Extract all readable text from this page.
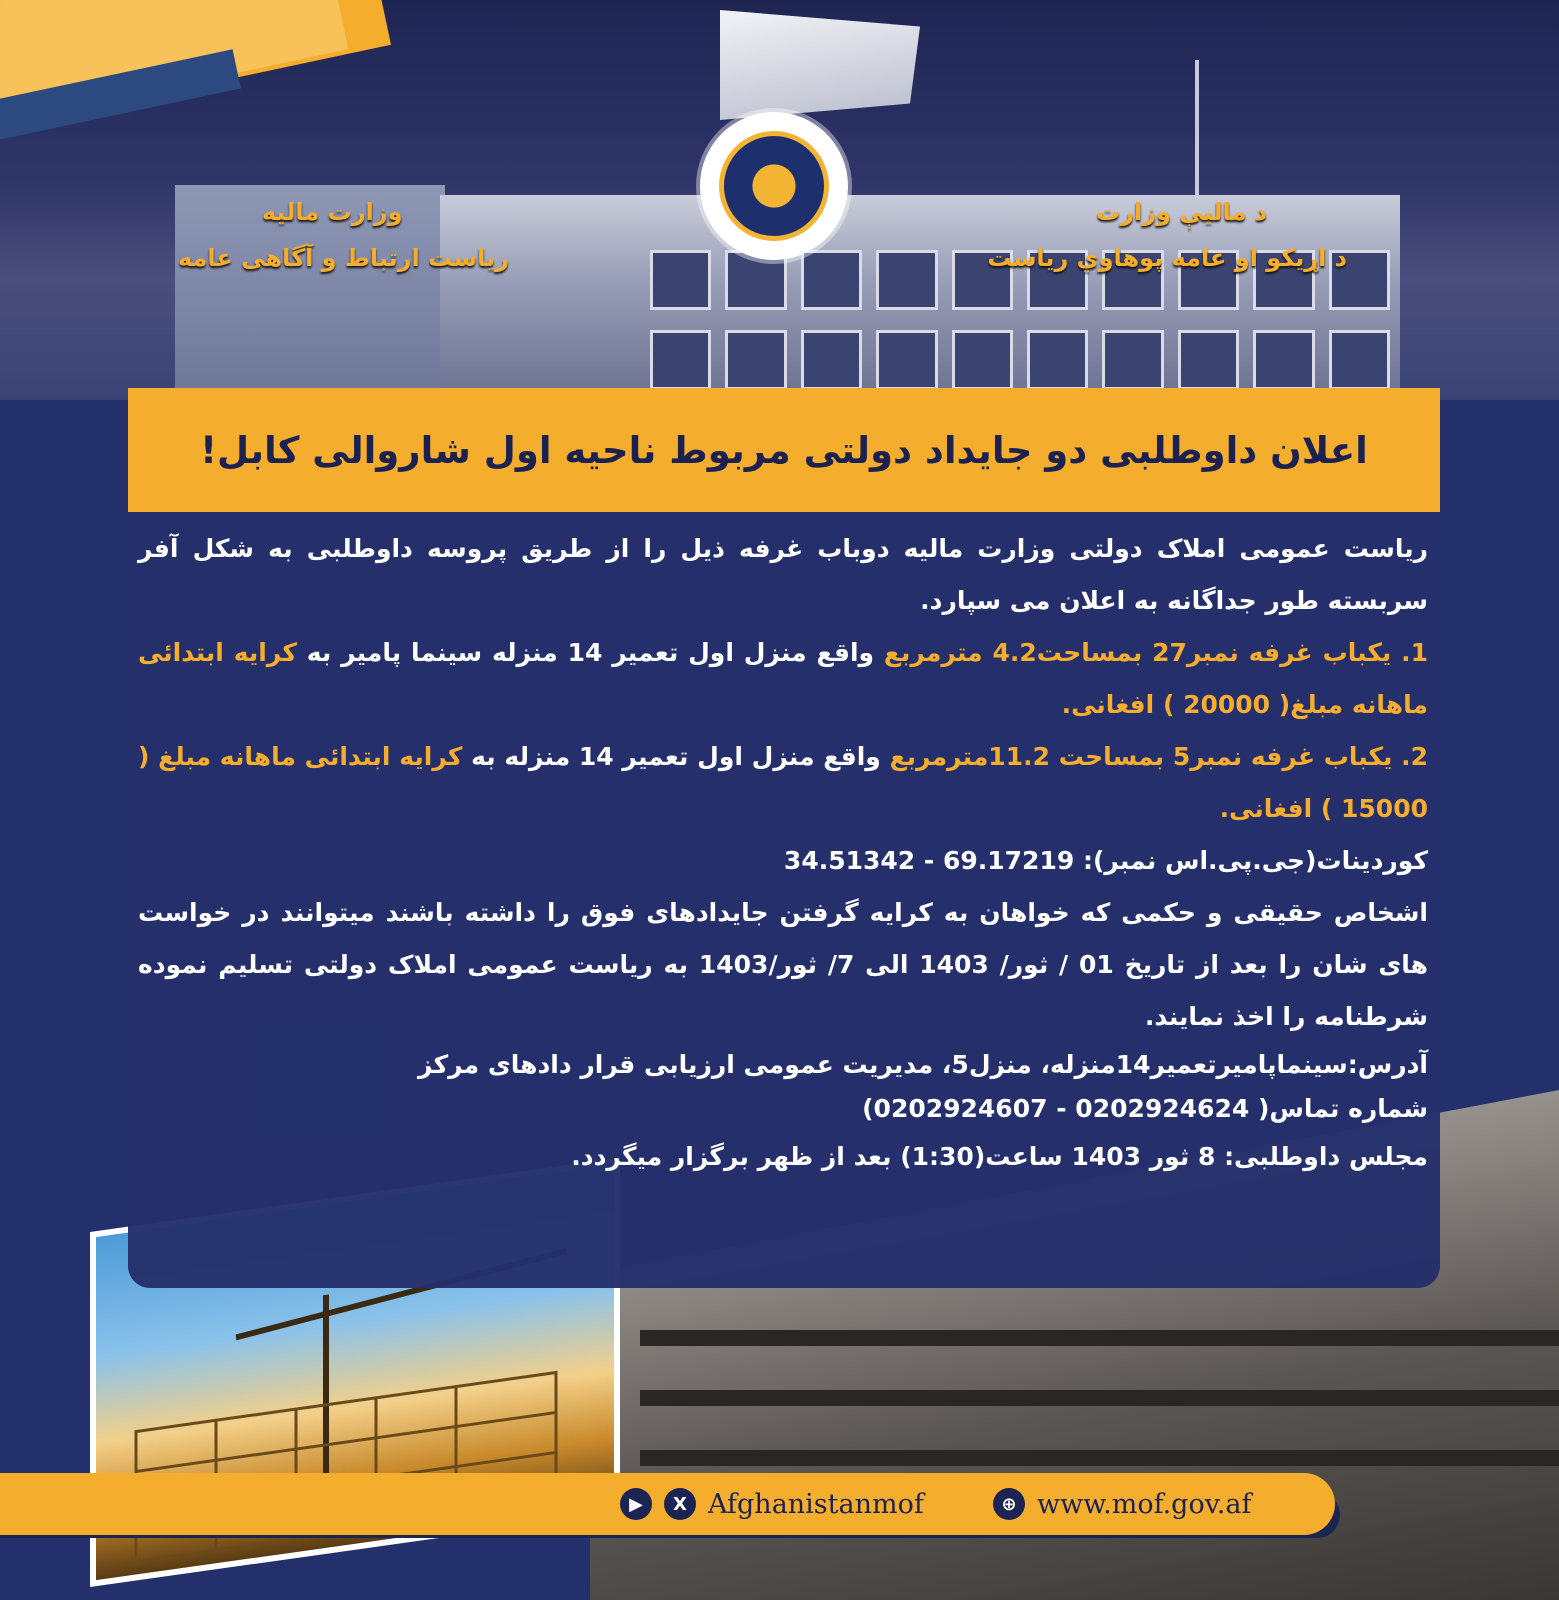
د مالیې وزارت
د اړیکو او عامه پوهاوي ریاست
وزارت مالیه
ریاست ارتباط و آگاهی عامه
اعلان داوطلبی دو جایداد دولتی مربوط ناحیه اول شاروالی کابل!

ریاست عمومی املاک دولتی وزارت مالیه دوباب غرفه ذیل را از طریق پروسه داوطلبی به شکل آفر سربسته طور جداگانه به اعلان می سپارد.

1. یکباب غرفه نمبر27 بمساحت4.2 مترمربع واقع منزل اول تعمیر 14 منزله سینما پامیر به کرایه ابتدائی ماهانه مبلغ( 20000 ) افغانی.

2. یکباب غرفه نمبر5 بمساحت 11.2مترمربع واقع منزل اول تعمیر 14 منزله به کرایه ابتدائی ماهانه مبلغ ( 15000 ) افغانی.

کوردینات(جی.پی.اس نمبر): 69.17219 - 34.51342

اشخاص حقیقی و حکمی که خواهان به کرایه گرفتن جایدادهای فوق را داشته باشند میتوانند در خواست های شان را بعد از تاریخ 01 / ثور/ 1403 الی 7/ ثور/1403 به ریاست عمومی املاک دولتی تسلیم نموده شرطنامه را اخذ نمایند.

آدرس:سینماپامیرتعمیر14منزله، منزل5، مدیریت عمومی ارزیابی قرار دادهای مرکز

شماره تماس( 0202924624 - 0202924607)

مجلس داوطلبی: 8 ثور 1403 ساعت(1:30) بعد از ظهر برگزار میگردد.

▶	X Afghanistanmof	⊕ www.mof.gov.af
